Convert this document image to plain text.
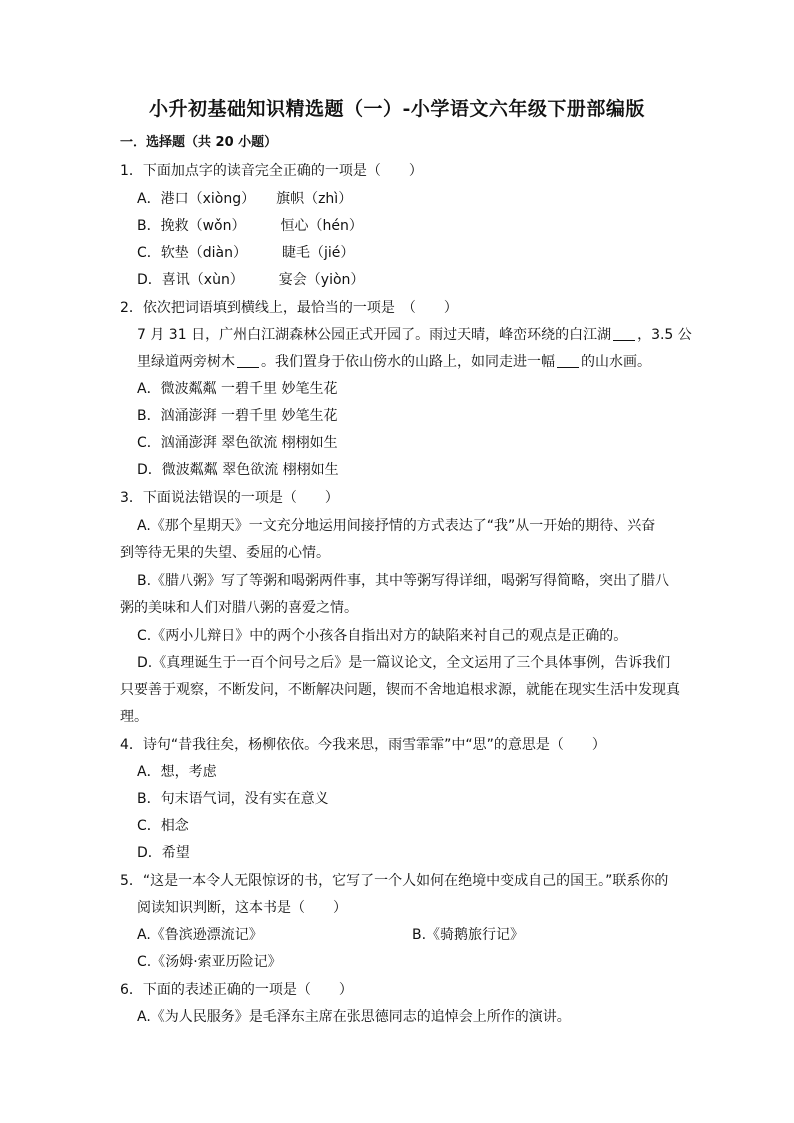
小升初基础知识精选题（一）-小学语文六年级下册部编版
一．选择题（共 20 小题）
1．下面加点字的读音完全正确的一项是（　　）
A．港口（xiòng）　　旗帜（zhì）
B．挽救（wǒn）　　　恒心（hén）
C．软垫（diàn）　　　睫毛（jié）
D．喜讯（xùn）　　　宴会（yiòn）
2．依次把词语填到横线上，最恰当的一项是　（　　）
7 月 31 日，广州白江湖森林公园正式开园了。雨过天晴，峰峦环绕的白江湖 ，3.5 公
里绿道两旁树木 。我们置身于依山傍水的山路上，如同走进一幅 的山水画。
A．微波粼粼 一碧千里 妙笔生花
B．汹涌澎湃 一碧千里 妙笔生花
C．汹涌澎湃 翠色欲流 栩栩如生
D．微波粼粼 翠色欲流 栩栩如生
3．下面说法错误的一项是（　　）
A.《那个星期天》一文充分地运用间接抒情的方式表达了“我”从一开始的期待、兴奋
到等待无果的失望、委屈的心情。
B.《腊八粥》写了等粥和喝粥两件事，其中等粥写得详细，喝粥写得简略，突出了腊八
粥的美味和人们对腊八粥的喜爱之情。
C.《两小儿辩日》中的两个小孩各自指出对方的缺陷来衬自己的观点是正确的。
D.《真理诞生于一百个问号之后》是一篇议论文，全文运用了三个具体事例，告诉我们
只要善于观察，不断发问，不断解决问题，锲而不舍地追根求源，就能在现实生活中发现真
理。
4．诗句“昔我往矣，杨柳依依。今我来思，雨雪霏霏”中“思”的意思是（　　）
A．想，考虑
B．句末语气词，没有实在意义
C．相念
D．希望
5．“这是一本令人无限惊讶的书，它写了一个人如何在绝境中变成自己的国王。”联系你的
阅读知识判断，这本书是（　　）
A.《鲁滨逊漂流记》	B.《骑鹅旅行记》
C.《汤姆·索亚历险记》
6．下面的表述正确的一项是（　　）
A.《为人民服务》是毛泽东主席在张思德同志的追悼会上所作的演讲。
